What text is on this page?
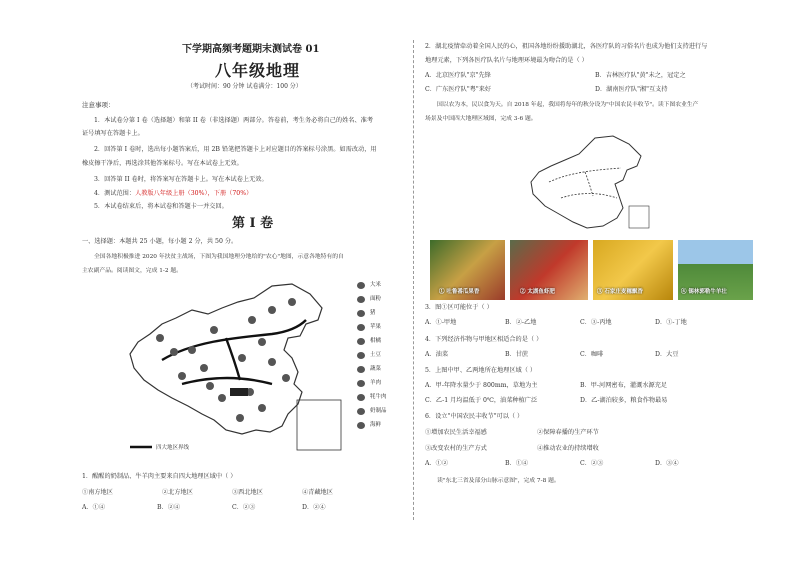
下学期高频考题期末测试卷 01
八年级地理
（考试时间：90 分钟 试卷满分：100 分）
注意事项：
1．本试卷分第 I 卷（选择题）和第 II 卷（非选择题）两部分。答卷前，考生务必将自己的姓名、准考
证号填写在答题卡上。
2．回答第 I 卷时，选出每小题答案后，用 2B 铅笔把答题卡上对应题目的答案标号涂黑。如需改动，用
橡皮擦干净后，再选涂其他答案标号。写在本试卷上无效。
3．回答第 II 卷时，将答案写在答题卡上。写在本试卷上无效。
4．测试范围：人教版八年级上册（30%），下册（70%）
5．本试卷结束后，将本试卷和答题卡一并交回。
第 I 卷
一、选择题：本题共 25 小题，每小题 2 分，共 50 分。
全国各地积极推进 2020 年扶贫主战场，下图为我国地理分地给的"农心"地图，示意各地特有的自
主农副产品。阅读图文，完成 1-2 题。
四大地区界线
大米
面粉
猪
苹果
柑橘
土豆
蔬菜
羊肉
牦牛肉
奶制品
海鲜
1．醒醒的奶制品、牛羊肉主要来自四大地理区域中（ ）
①南方地区	②北方地区	③西北地区	④青藏地区
A．①④	B．②④	C．②③	D．②④
2．湖北疫情牵动着全国人民的心，祖国各地纷纷援助湖北，各医疗队的习俗名片也成为他们支持进行与
地理元素，下列各医疗队名片与地理环境最为吻合的是（ ）
A．北京医疗队"京"先锋	B．吉林医疗队"黄"未之，冠定之
C．广东医疗队"粤"来好	D．湖南医疗队"湘"互支持
国以农为本，民以食为天。自 2018 年起，我国将每年的秋分设为"中国农民丰收节"。读下图农业生产
场景及中国四大地理区域图，完成 3-6 题。
① 吐鲁番瓜果香	② 太湖鱼虾肥	③ 石家庄麦穗飘香	④ 锡林郭勒牛羊壮
3．图①区可能位于（ ）
A．①-甲地	B．②-乙地	C．③-丙地	D．①-丁地
4．下列经济作物与甲地区相适合的是（ ）
A．油菜	B．甘蔗	C．咖啡	D．大豆
5．上图中甲、乙两地所在地理区域（ ）
A．甲-年降水量少于 800mm，草地为主	B．甲-河网密布，灌溉水源充足
C．乙-1 月均温低于 0℃，油菜种植广泛	D．乙-湖泊较多，粮食作物最易
6．设立"中国农民丰收节"可以（ ）
①增加农民生活幸福感	②保障春播的生产环节
③改变农村的生产方式	④推动农业的持续增收
A．①②	B．①④	C．②③	D．③④
读"东北三省及部分山脉示意图"，完成 7-8 题。
